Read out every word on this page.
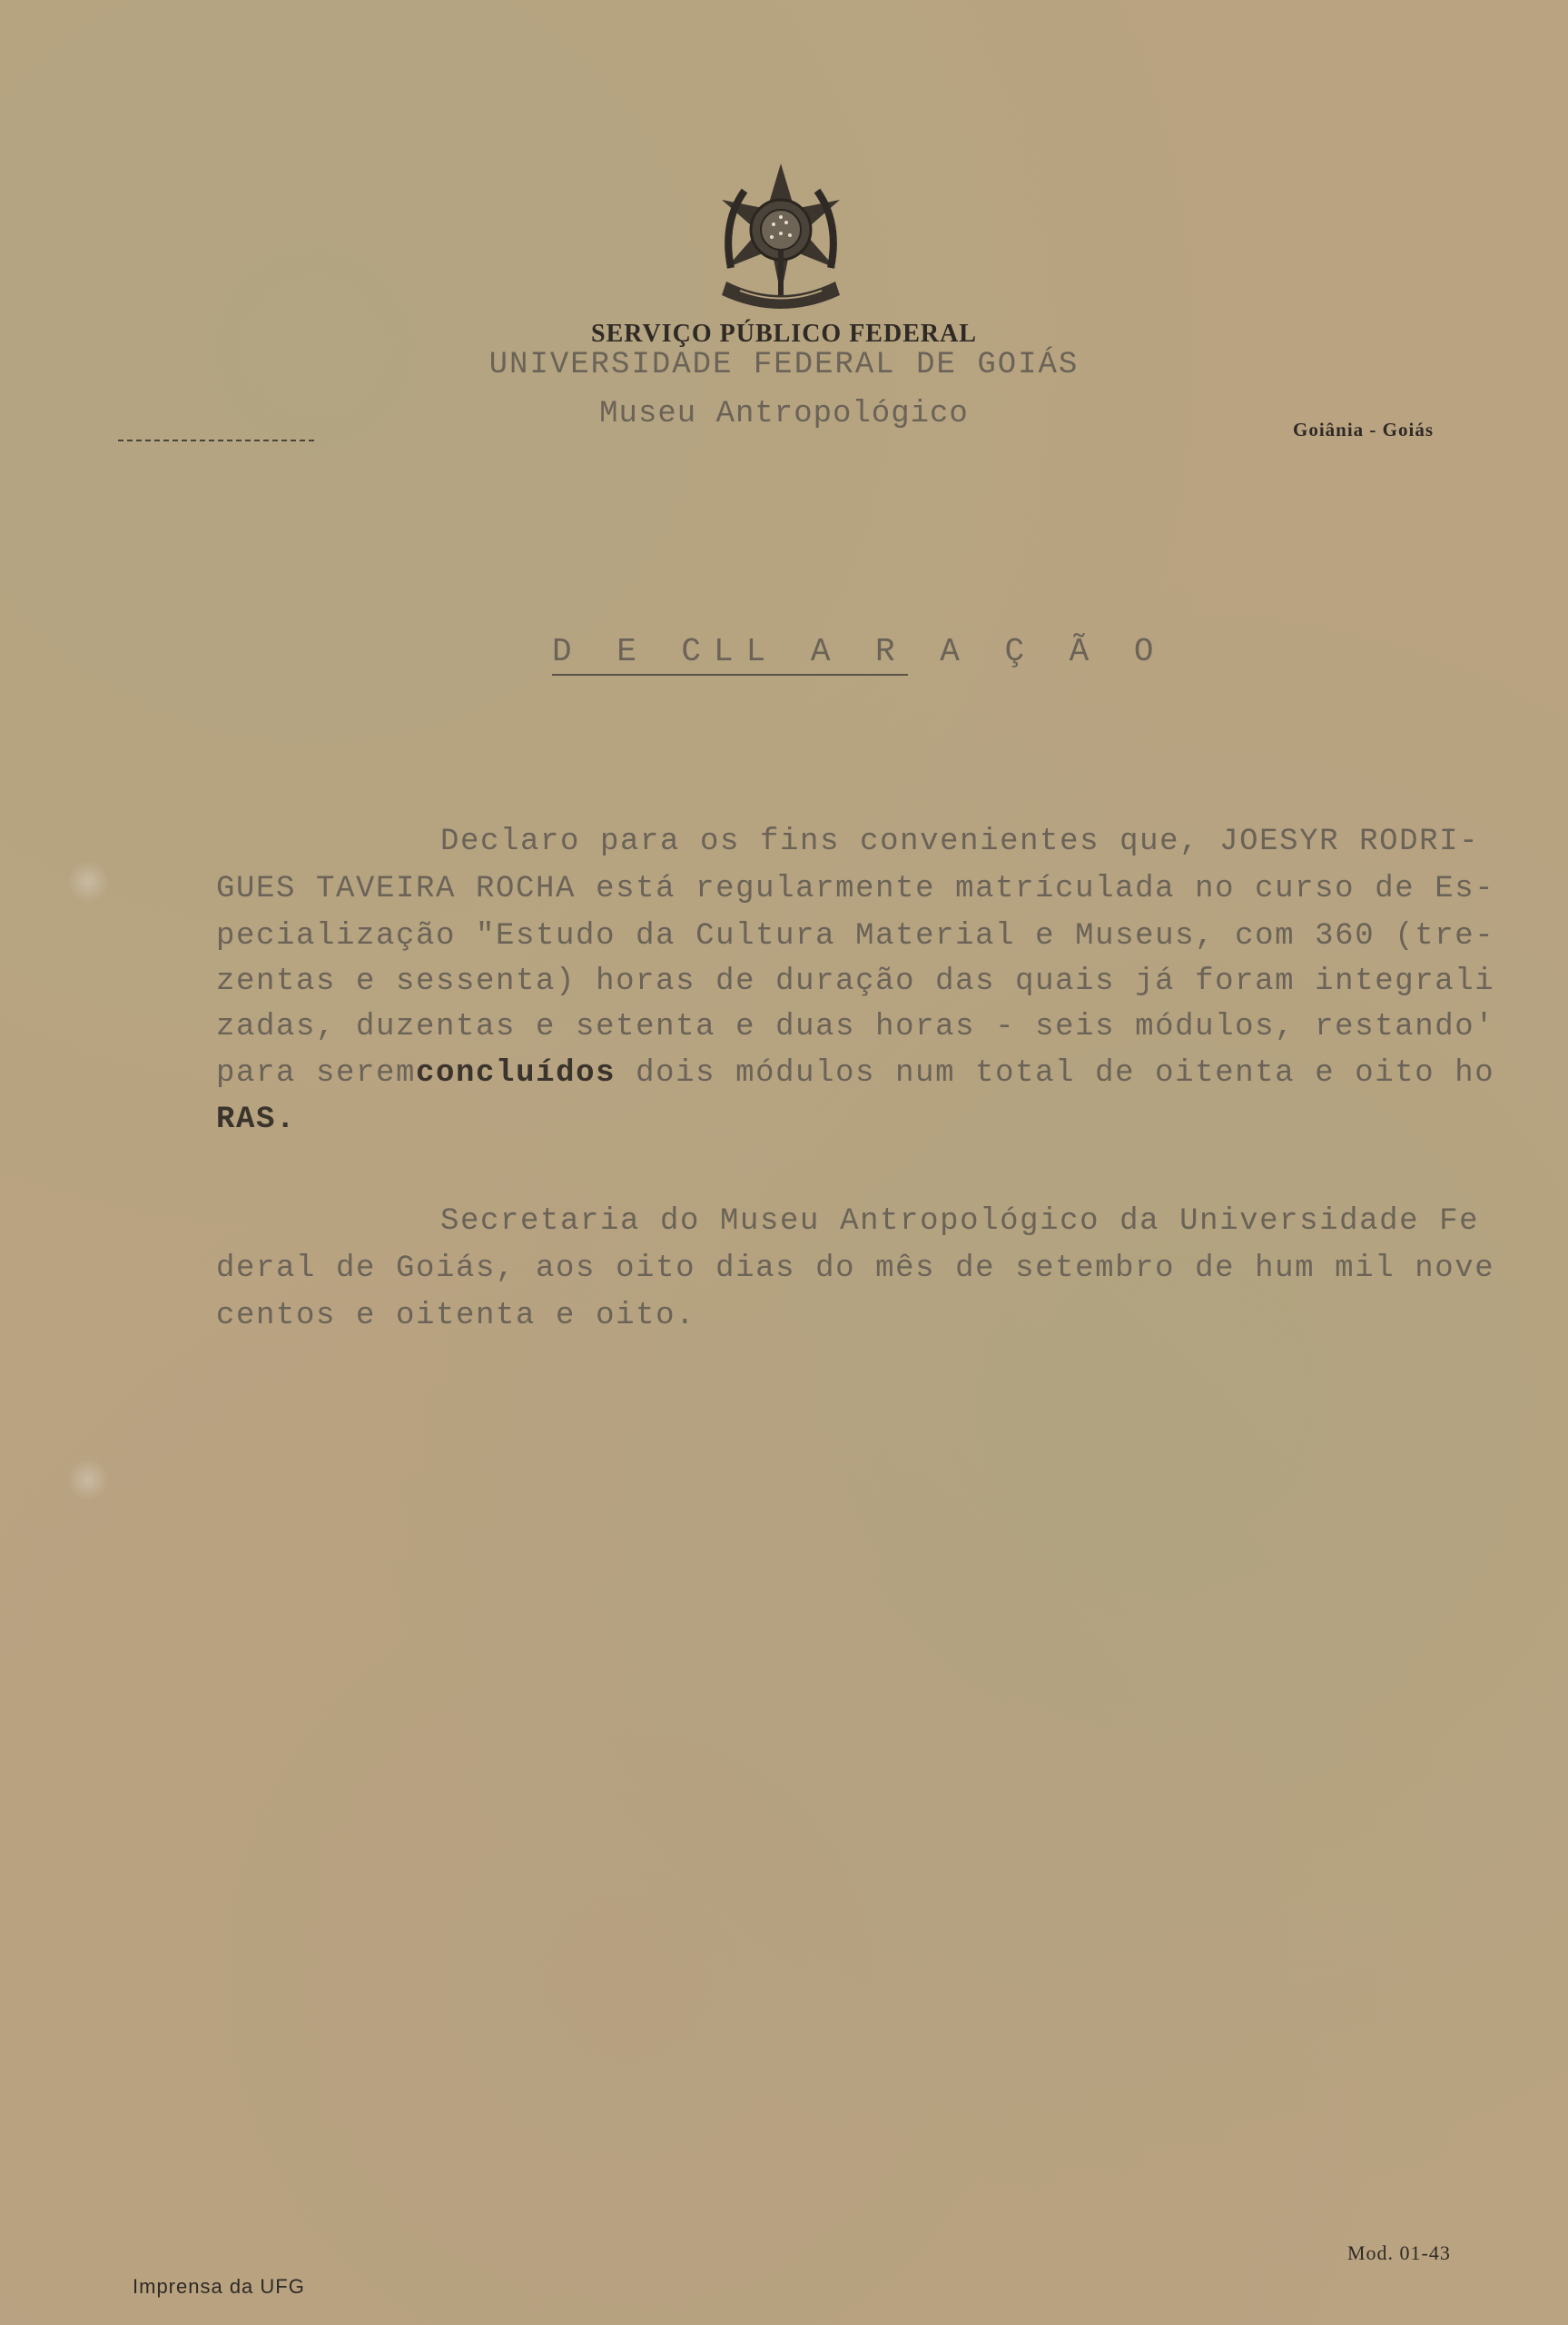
SERVIÇO PÚBLICO FEDERAL
UNIVERSIDADE FEDERAL DE GOIÁS
Museu Antropológico	Goiânia - Goiás
D E CLL A R A Ç Ã O
Declaro para os fins convenientes que, JOESYR RODRI-
GUES TAVEIRA ROCHA está regularmente matrículada no curso de Es-
pecialização "Estudo da Cultura Material e Museus, com 360 (tre-
zentas e sessenta) horas de duração das quais já foram integrali
zadas, duzentas e setenta e duas horas - seis módulos, restando'
para seremconcluídos dois módulos num total de oitenta e oito ho
RAS.
Secretaria do Museu Antropológico da Universidade Fe
deral de Goiás, aos oito dias do mês de setembro de hum mil nove
centos e oitenta e oito.
Mod. 01-43
Imprensa da UFG
